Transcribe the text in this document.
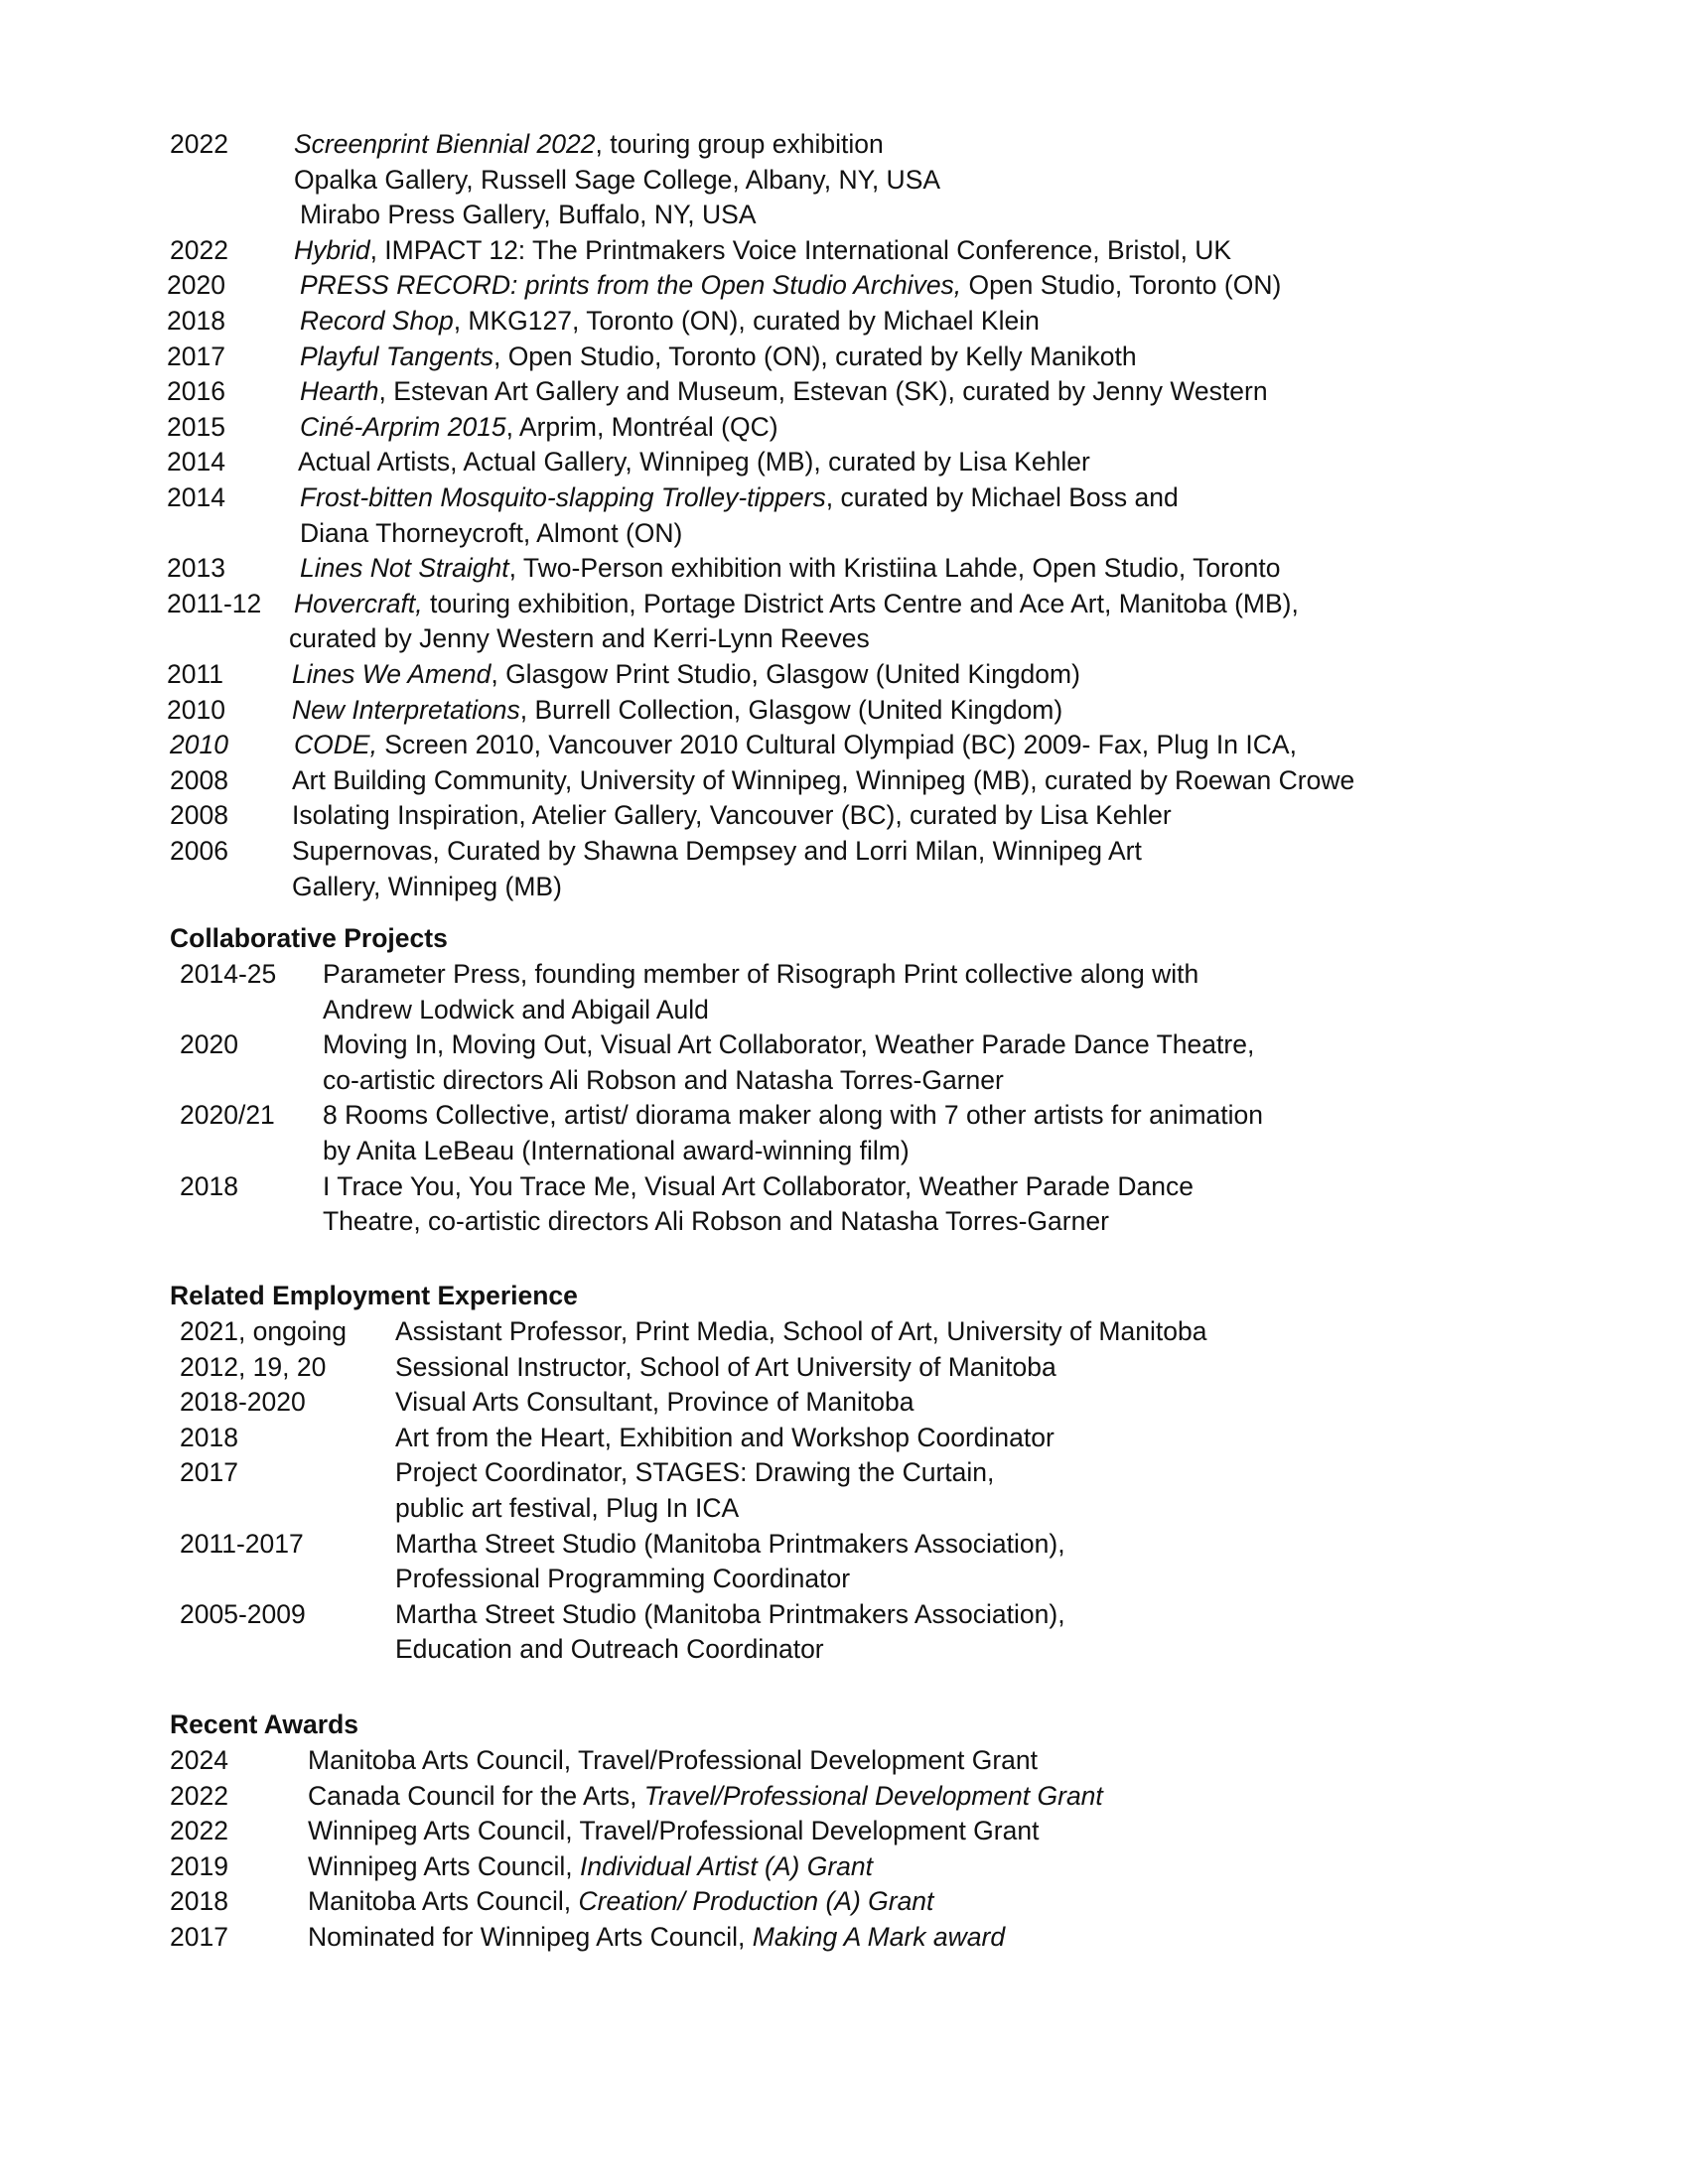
2022 Screenprint Biennial 2022, touring group exhibition
Opalka Gallery, Russell Sage College, Albany, NY, USA
Mirabo Press Gallery, Buffalo, NY, USA
2022 Hybrid, IMPACT 12: The Printmakers Voice International Conference, Bristol, UK
2020	PRESS RECORD: prints from the Open Studio Archives, Open Studio, Toronto (ON)
2018	Record Shop, MKG127, Toronto (ON), curated by Michael Klein
2017	Playful Tangents, Open Studio, Toronto (ON), curated by Kelly Manikoth
2016	Hearth, Estevan Art Gallery and Museum, Estevan (SK), curated by Jenny Western
2015	Ciné-Arprim 2015, Arprim, Montréal (QC)
2014	Actual Artists, Actual Gallery, Winnipeg (MB), curated by Lisa Kehler
2014	Frost-bitten Mosquito-slapping Trolley-tippers, curated by Michael Boss and
Diana Thorneycroft, Almont (ON)
2013	Lines Not Straight, Two-Person exhibition with Kristiina Lahde, Open Studio, Toronto
2011-12 Hovercraft, touring exhibition, Portage District Arts Centre and Ace Art, Manitoba (MB),
curated by Jenny Western and Kerri-Lynn Reeves
2011	Lines We Amend, Glasgow Print Studio, Glasgow (United Kingdom)
2010	New Interpretations, Burrell Collection, Glasgow (United Kingdom)
2010 CODE, Screen 2010, Vancouver 2010 Cultural Olympiad (BC) 2009- Fax, Plug In ICA,
2008 Art Building Community, University of Winnipeg, Winnipeg (MB), curated by Roewan Crowe
2008 Isolating Inspiration, Atelier Gallery, Vancouver (BC), curated by Lisa Kehler
2006 Supernovas, Curated by Shawna Dempsey and Lorri Milan, Winnipeg Art
Gallery, Winnipeg (MB)
Collaborative Projects
2014-25 Parameter Press, founding member of Risograph Print collective along with
Andrew Lodwick and Abigail Auld
2020	Moving In, Moving Out, Visual Art Collaborator, Weather Parade Dance Theatre,
co-artistic directors Ali Robson and Natasha Torres-Garner
2020/21 8 Rooms Collective, artist/ diorama maker along with 7 other artists for animation
by Anita LeBeau (International award-winning film)
2018	I Trace You, You Trace Me, Visual Art Collaborator, Weather Parade Dance
Theatre, co-artistic directors Ali Robson and Natasha Torres-Garner
Related Employment Experience
2021, ongoing Assistant Professor, Print Media, School of Art, University of Manitoba
2012, 19, 20	Sessional Instructor, School of Art University of Manitoba
2018-2020	Visual Arts Consultant, Province of Manitoba
2018	Art from the Heart, Exhibition and Workshop Coordinator
2017	Project Coordinator, STAGES: Drawing the Curtain,
public art festival, Plug In ICA
2011-2017	Martha Street Studio (Manitoba Printmakers Association),
Professional Programming Coordinator
2005-2009	Martha Street Studio (Manitoba Printmakers Association),
Education and Outreach Coordinator
Recent Awards
2024	Manitoba Arts Council, Travel/Professional Development Grant
2022	Canada Council for the Arts, Travel/Professional Development Grant
2022	Winnipeg Arts Council, Travel/Professional Development Grant
2019	Winnipeg Arts Council, Individual Artist (A) Grant
2018	Manitoba Arts Council, Creation/ Production (A) Grant
2017	Nominated for Winnipeg Arts Council, Making A Mark award
